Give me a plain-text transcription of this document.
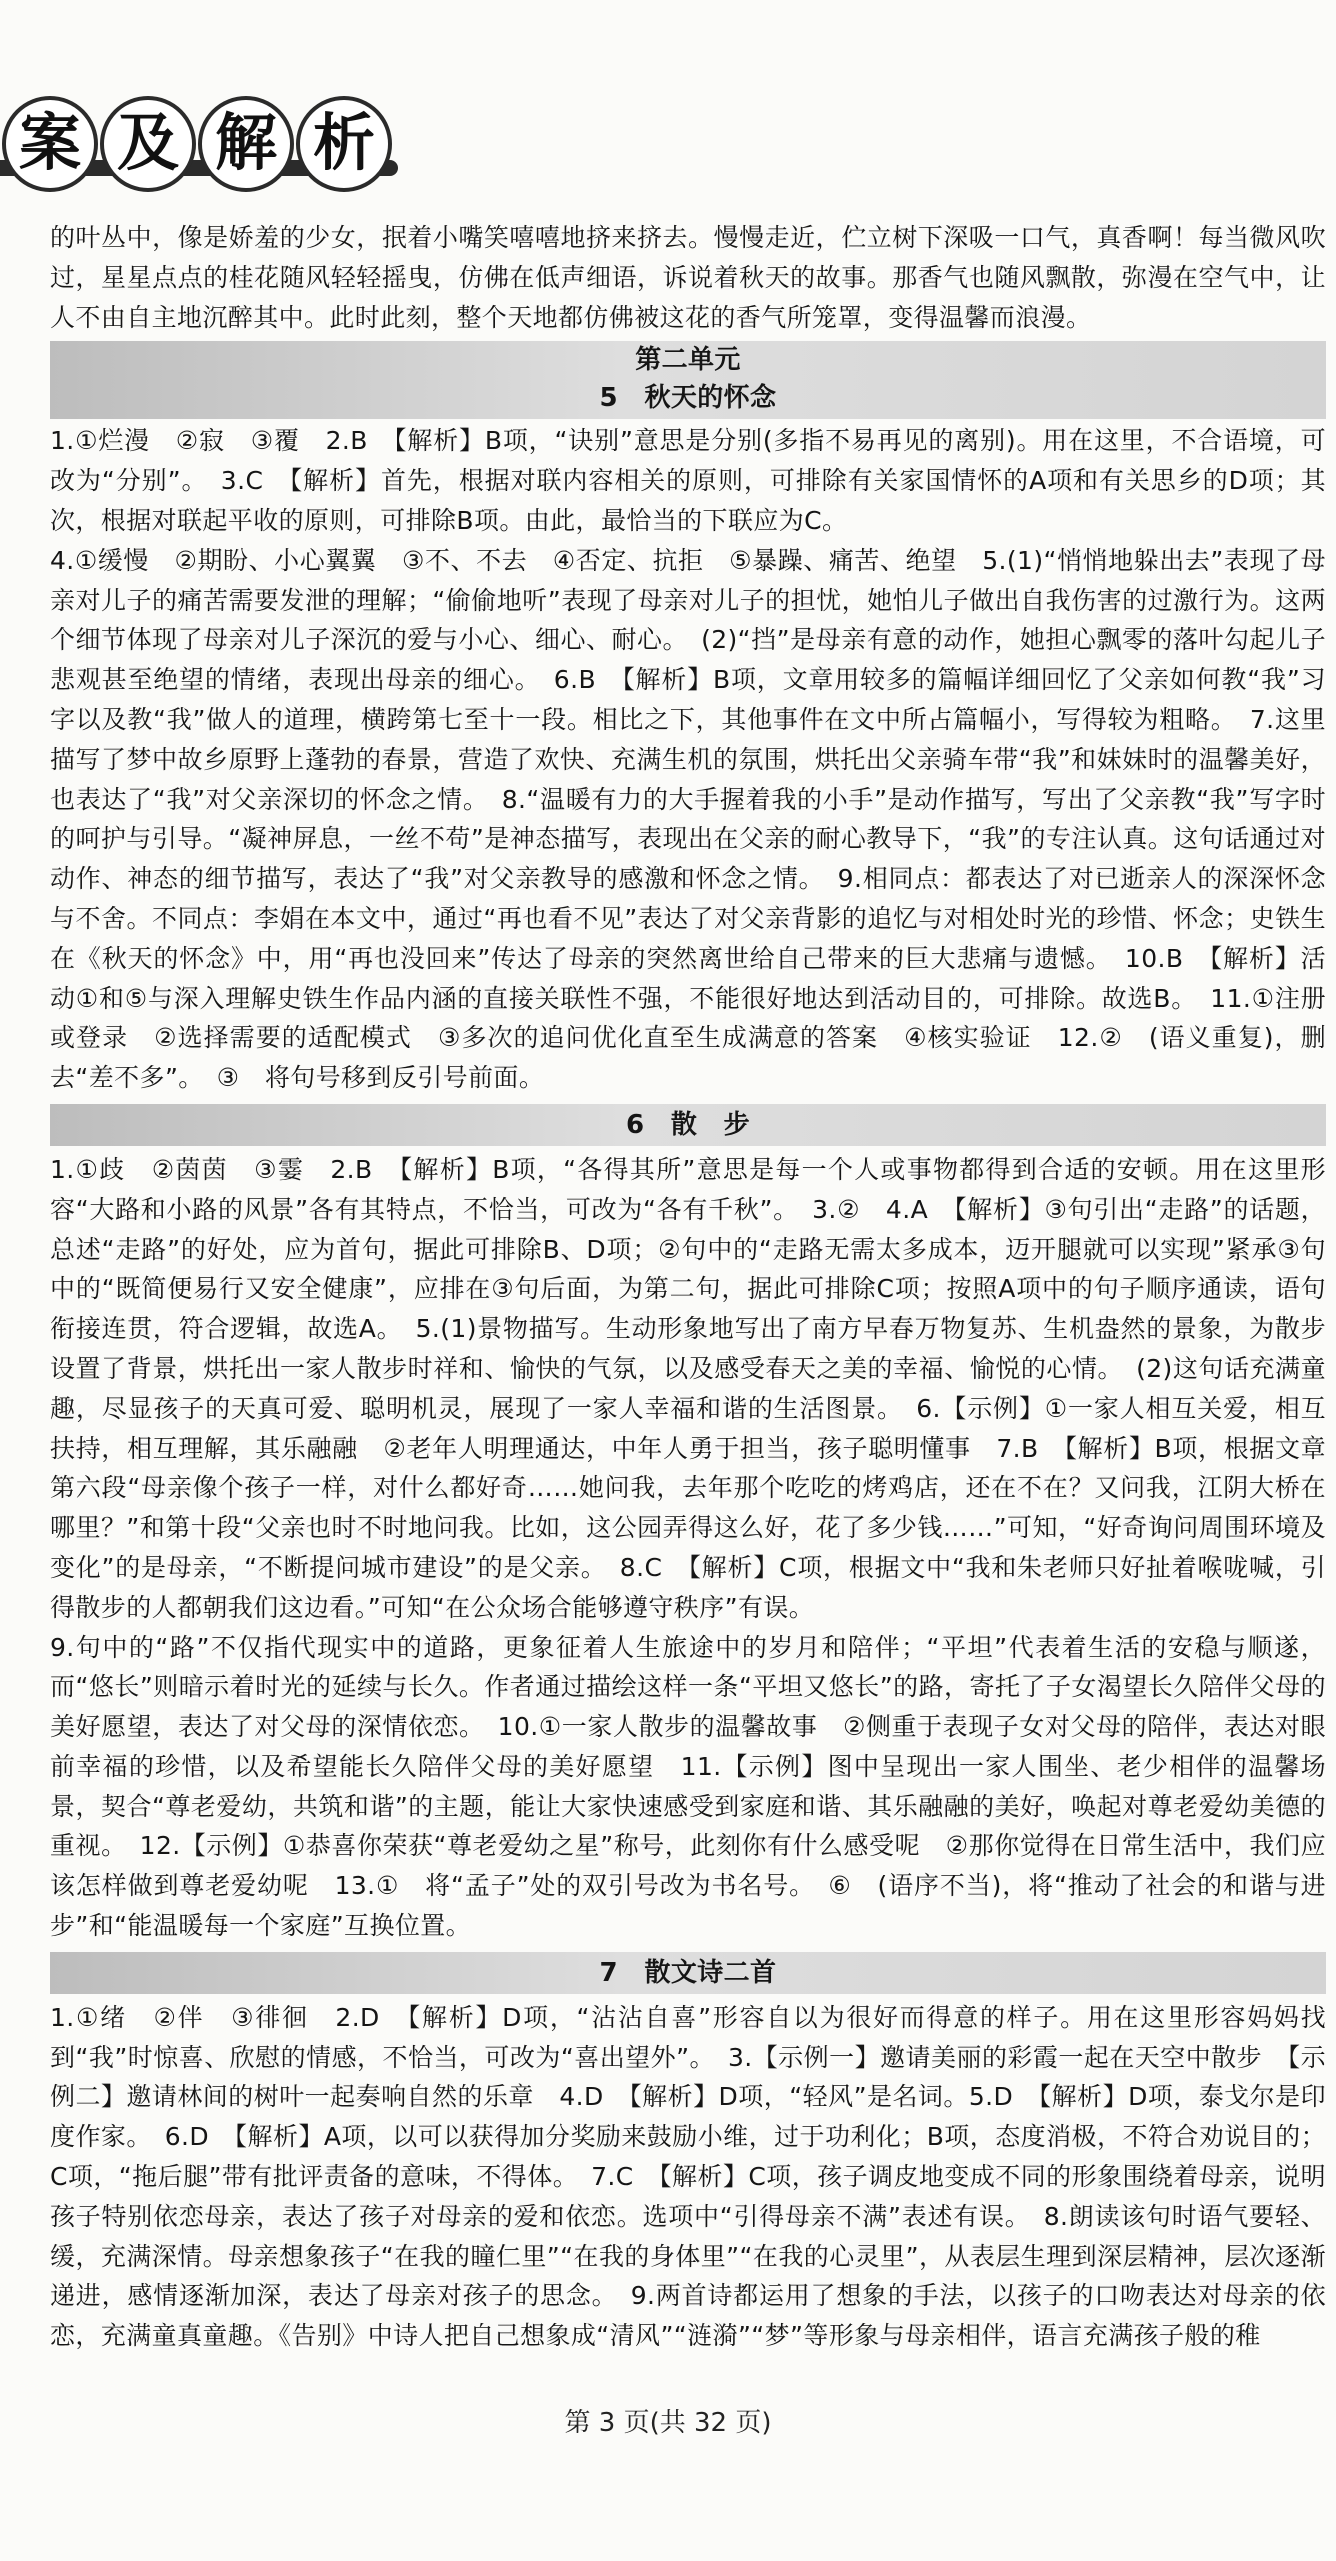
案 及 解 析

的叶丛中，像是娇羞的少女，抿着小嘴笑嘻嘻地挤来挤去。慢慢走近，伫立树下深吸一口气，真香啊！每当微风吹过，星星点点的桂花随风轻轻摇曳，仿佛在低声细语，诉说着秋天的故事。那香气也随风飘散，弥漫在空气中，让人不由自主地沉醉其中。此时此刻，整个天地都仿佛被这花的香气所笼罩，变得温馨而浪漫。

第二单元
5　秋天的怀念

1.①烂漫　②寂　③覆　2.B　【解析】B项，“诀别”意思是分别(多指不易再见的离别)。用在这里，不合语境，可改为“分别”。　3.C　【解析】首先，根据对联内容相关的原则，可排除有关家国情怀的A项和有关思乡的D项；其次，根据对联起平收的原则，可排除B项。由此，最恰当的下联应为C。

4.①缓慢　②期盼、小心翼翼　③不、不去　④否定、抗拒　⑤暴躁、痛苦、绝望　5.(1)“悄悄地躲出去”表现了母亲对儿子的痛苦需要发泄的理解；“偷偷地听”表现了母亲对儿子的担忧，她怕儿子做出自我伤害的过激行为。这两个细节体现了母亲对儿子深沉的爱与小心、细心、耐心。　(2)“挡”是母亲有意的动作，她担心飘零的落叶勾起儿子悲观甚至绝望的情绪，表现出母亲的细心。　6.B　【解析】B项，文章用较多的篇幅详细回忆了父亲如何教“我”习字以及教“我”做人的道理，横跨第七至十一段。相比之下，其他事件在文中所占篇幅小，写得较为粗略。　7.这里描写了梦中故乡原野上蓬勃的春景，营造了欢快、充满生机的氛围，烘托出父亲骑车带“我”和妹妹时的温馨美好，也表达了“我”对父亲深切的怀念之情。　8.“温暖有力的大手握着我的小手”是动作描写，写出了父亲教“我”写字时的呵护与引导。“凝神屏息，一丝不苟”是神态描写，表现出在父亲的耐心教导下，“我”的专注认真。这句话通过对动作、神态的细节描写，表达了“我”对父亲教导的感激和怀念之情。　9.相同点：都表达了对已逝亲人的深深怀念与不舍。不同点：李娟在本文中，通过“再也看不见”表达了对父亲背影的追忆与对相处时光的珍惜、怀念；史铁生在《秋天的怀念》中，用“再也没回来”传达了母亲的突然离世给自己带来的巨大悲痛与遗憾。　10.B　【解析】活动①和⑤与深入理解史铁生作品内涵的直接关联性不强，不能很好地达到活动目的，可排除。故选B。　11.①注册或登录　②选择需要的适配模式　③多次的追问优化直至生成满意的答案　④核实验证　12.②　(语义重复)，删去“差不多”。　③　将句号移到反引号前面。

6　散　步

1.①歧　②茵茵　③霎　2.B　【解析】B项，“各得其所”意思是每一个人或事物都得到合适的安顿。用在这里形容“大路和小路的风景”各有其特点，不恰当，可改为“各有千秋”。　3.②　4.A　【解析】③句引出“走路”的话题，总述“走路”的好处，应为首句，据此可排除B、D项；②句中的“走路无需太多成本，迈开腿就可以实现”紧承③句中的“既简便易行又安全健康”，应排在③句后面，为第二句，据此可排除C项；按照A项中的句子顺序通读，语句衔接连贯，符合逻辑，故选A。　5.(1)景物描写。生动形象地写出了南方早春万物复苏、生机盎然的景象，为散步设置了背景，烘托出一家人散步时祥和、愉快的气氛，以及感受春天之美的幸福、愉悦的心情。　(2)这句话充满童趣，尽显孩子的天真可爱、聪明机灵，展现了一家人幸福和谐的生活图景。　6.【示例】①一家人相互关爱，相互扶持，相互理解，其乐融融　②老年人明理通达，中年人勇于担当，孩子聪明懂事　7.B　【解析】B项，根据文章第六段“母亲像个孩子一样，对什么都好奇……她问我，去年那个吃吃的烤鸡店，还在不在？又问我，江阴大桥在哪里？”和第十段“父亲也时不时地问我。比如，这公园弄得这么好，花了多少钱……”可知，“好奇询问周围环境及变化”的是母亲，“不断提问城市建设”的是父亲。　8.C　【解析】C项，根据文中“我和朱老师只好扯着喉咙喊，引得散步的人都朝我们这边看。”可知“在公众场合能够遵守秩序”有误。

9.句中的“路”不仅指代现实中的道路，更象征着人生旅途中的岁月和陪伴；“平坦”代表着生活的安稳与顺遂，而“悠长”则暗示着时光的延续与长久。作者通过描绘这样一条“平坦又悠长”的路，寄托了子女渴望长久陪伴父母的美好愿望，表达了对父母的深情依恋。　10.①一家人散步的温馨故事　②侧重于表现子女对父母的陪伴，表达对眼前幸福的珍惜，以及希望能长久陪伴父母的美好愿望　11.【示例】图中呈现出一家人围坐、老少相伴的温馨场景，契合“尊老爱幼，共筑和谐”的主题，能让大家快速感受到家庭和谐、其乐融融的美好，唤起对尊老爱幼美德的重视。　12.【示例】①恭喜你荣获“尊老爱幼之星”称号，此刻你有什么感受呢　②那你觉得在日常生活中，我们应该怎样做到尊老爱幼呢　13.①　将“孟子”处的双引号改为书名号。　⑥　(语序不当)，将“推动了社会的和谐与进步”和“能温暖每一个家庭”互换位置。

7　散文诗二首

1.①绪　②伴　③徘徊　2.D　【解析】D项，“沾沾自喜”形容自以为很好而得意的样子。用在这里形容妈妈找到“我”时惊喜、欣慰的情感，不恰当，可改为“喜出望外”。　3.【示例一】邀请美丽的彩霞一起在天空中散步　【示例二】邀请林间的树叶一起奏响自然的乐章　4.D　【解析】D项，“轻风”是名词。5.D　【解析】D项，泰戈尔是印度作家。　6.D　【解析】A项，以可以获得加分奖励来鼓励小维，过于功利化；B项，态度消极，不符合劝说目的；C项，“拖后腿”带有批评责备的意味，不得体。　7.C　【解析】C项，孩子调皮地变成不同的形象围绕着母亲，说明孩子特别依恋母亲，表达了孩子对母亲的爱和依恋。选项中“引得母亲不满”表述有误。　8.朗读该句时语气要轻、缓，充满深情。母亲想象孩子“在我的瞳仁里”“在我的身体里”“在我的心灵里”，从表层生理到深层精神，层次逐渐递进，感情逐渐加深，表达了母亲对孩子的思念。　9.两首诗都运用了想象的手法，以孩子的口吻表达对母亲的依恋，充满童真童趣。《告别》中诗人把自己想象成“清风”“涟漪”“梦”等形象与母亲相伴，语言充满孩子般的稚

第 3 页(共 32 页)
